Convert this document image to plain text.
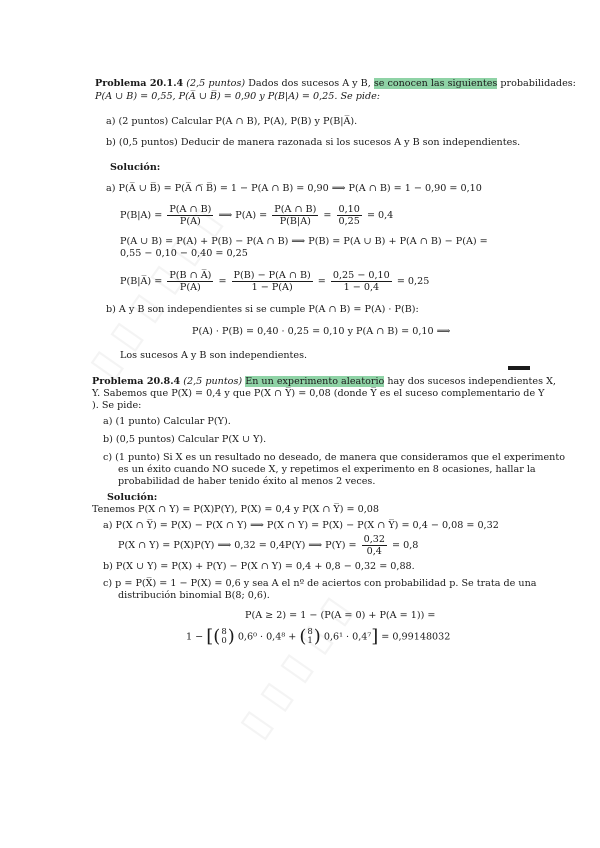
Problema 20.1.4 (2,5 puntos) Dados dos sucesos A y B, se conocen las siguientes probabilidades:
P(A ∪ B) = 0,55, P(A̅ ∪ B̅) = 0,90 y P(B|A) = 0,25. Se pide:
a) (2 puntos) Calcular P(A ∩ B), P(A), P(B) y P(B|A̅).
b) (0,5 puntos) Deducir de manera razonada si los sucesos A y B son independientes.
Solución:
a) P(A̅ ∪ B̅) = P(A̅ ∩̅ B̅) = 1 − P(A ∩ B) = 0,90 ⟹ P(A ∩ B) = 1 − 0,90 = 0,10
$P(B|A) = \frac{P(A \cap B)}{P(A)}$ ⟹ $P(A) = \frac{P(A \cap B)}{P(B|A)} = \frac{0,10}{0,25} = 0,4$
P(A ∪ B) = P(A) + P(B) − P(A ∩ B) ⟹ P(B) = P(A ∪ B) + P(A ∩ B) − P(A) =
0,55 − 0,10 − 0,40 = 0,25
P(B|A̅) = $\frac{P(B \cap A̅)}{P(A̅)} = \frac{P(B) - P(A \cap B)}{1 - P(A)} = \frac{0,25 - 0,10}{1 - 0,4} = 0,25$
b) A y B son independientes si se cumple P(A ∩ B) = P(A) · P(B):
P(A) · P(B) = 0,40 · 0,25 = 0,10 y P(A ∩ B) = 0,10 ⟹
Los sucesos A y B son independientes.
Problema 20.8.4 (2,5 puntos) En un experimento aleatorio hay dos sucesos independientes X,
Y. Sabemos que P(X) = 0,4 y que P(X ∩ Y̅) = 0,08 (donde Y̅ es el suceso complementario de Y
). Se pide:
a) (1 punto) Calcular P(Y).
b) (0,5 puntos) Calcular P(X ∪ Y).
c) (1 punto) Si X es un resultado no deseado, de manera que consideramos que el experimento
es un éxito cuando NO sucede X, y repetimos el experimento en 8 ocasiones, hallar la
probabilidad de haber tenido éxito al menos 2 veces.
Solución:
Tenemos P(X ∩ Y) = P(X)P(Y), P(X) = 0,4 y P(X ∩ Y̅) = 0,08
a) P(X ∩ Y̅) = P(X) − P(X ∩ Y) ⟹ P(X ∩ Y) = P(X) − P(X ∩ Y̅) = 0,4 − 0,08 = 0,32
P(X ∩ Y) = P(X)P(Y) ⟹ 0,32 = 0,4P(Y) ⟹ $P(Y) = \frac{0,32}{0,4} = 0,8$
b) P(X ∪ Y) = P(X) + P(Y) − P(X ∩ Y) = 0,4 + 0,8 − 0,32 = 0,88.
c) p = P(X̅) = 1 − P(X) = 0,6 y sea A el nº de aciertos con probabilidad p. Se trata de una
distribución binomial B(8; 0,6).
P(A ≥ 2) = 1 − (P(A = 0) + P(A = 1)) =
1 − [( 8
0 ) 0,6⁰ · 0,4⁸ + ( 8
1 ) 0,6¹ · 0,4⁷] = 0,99148032
